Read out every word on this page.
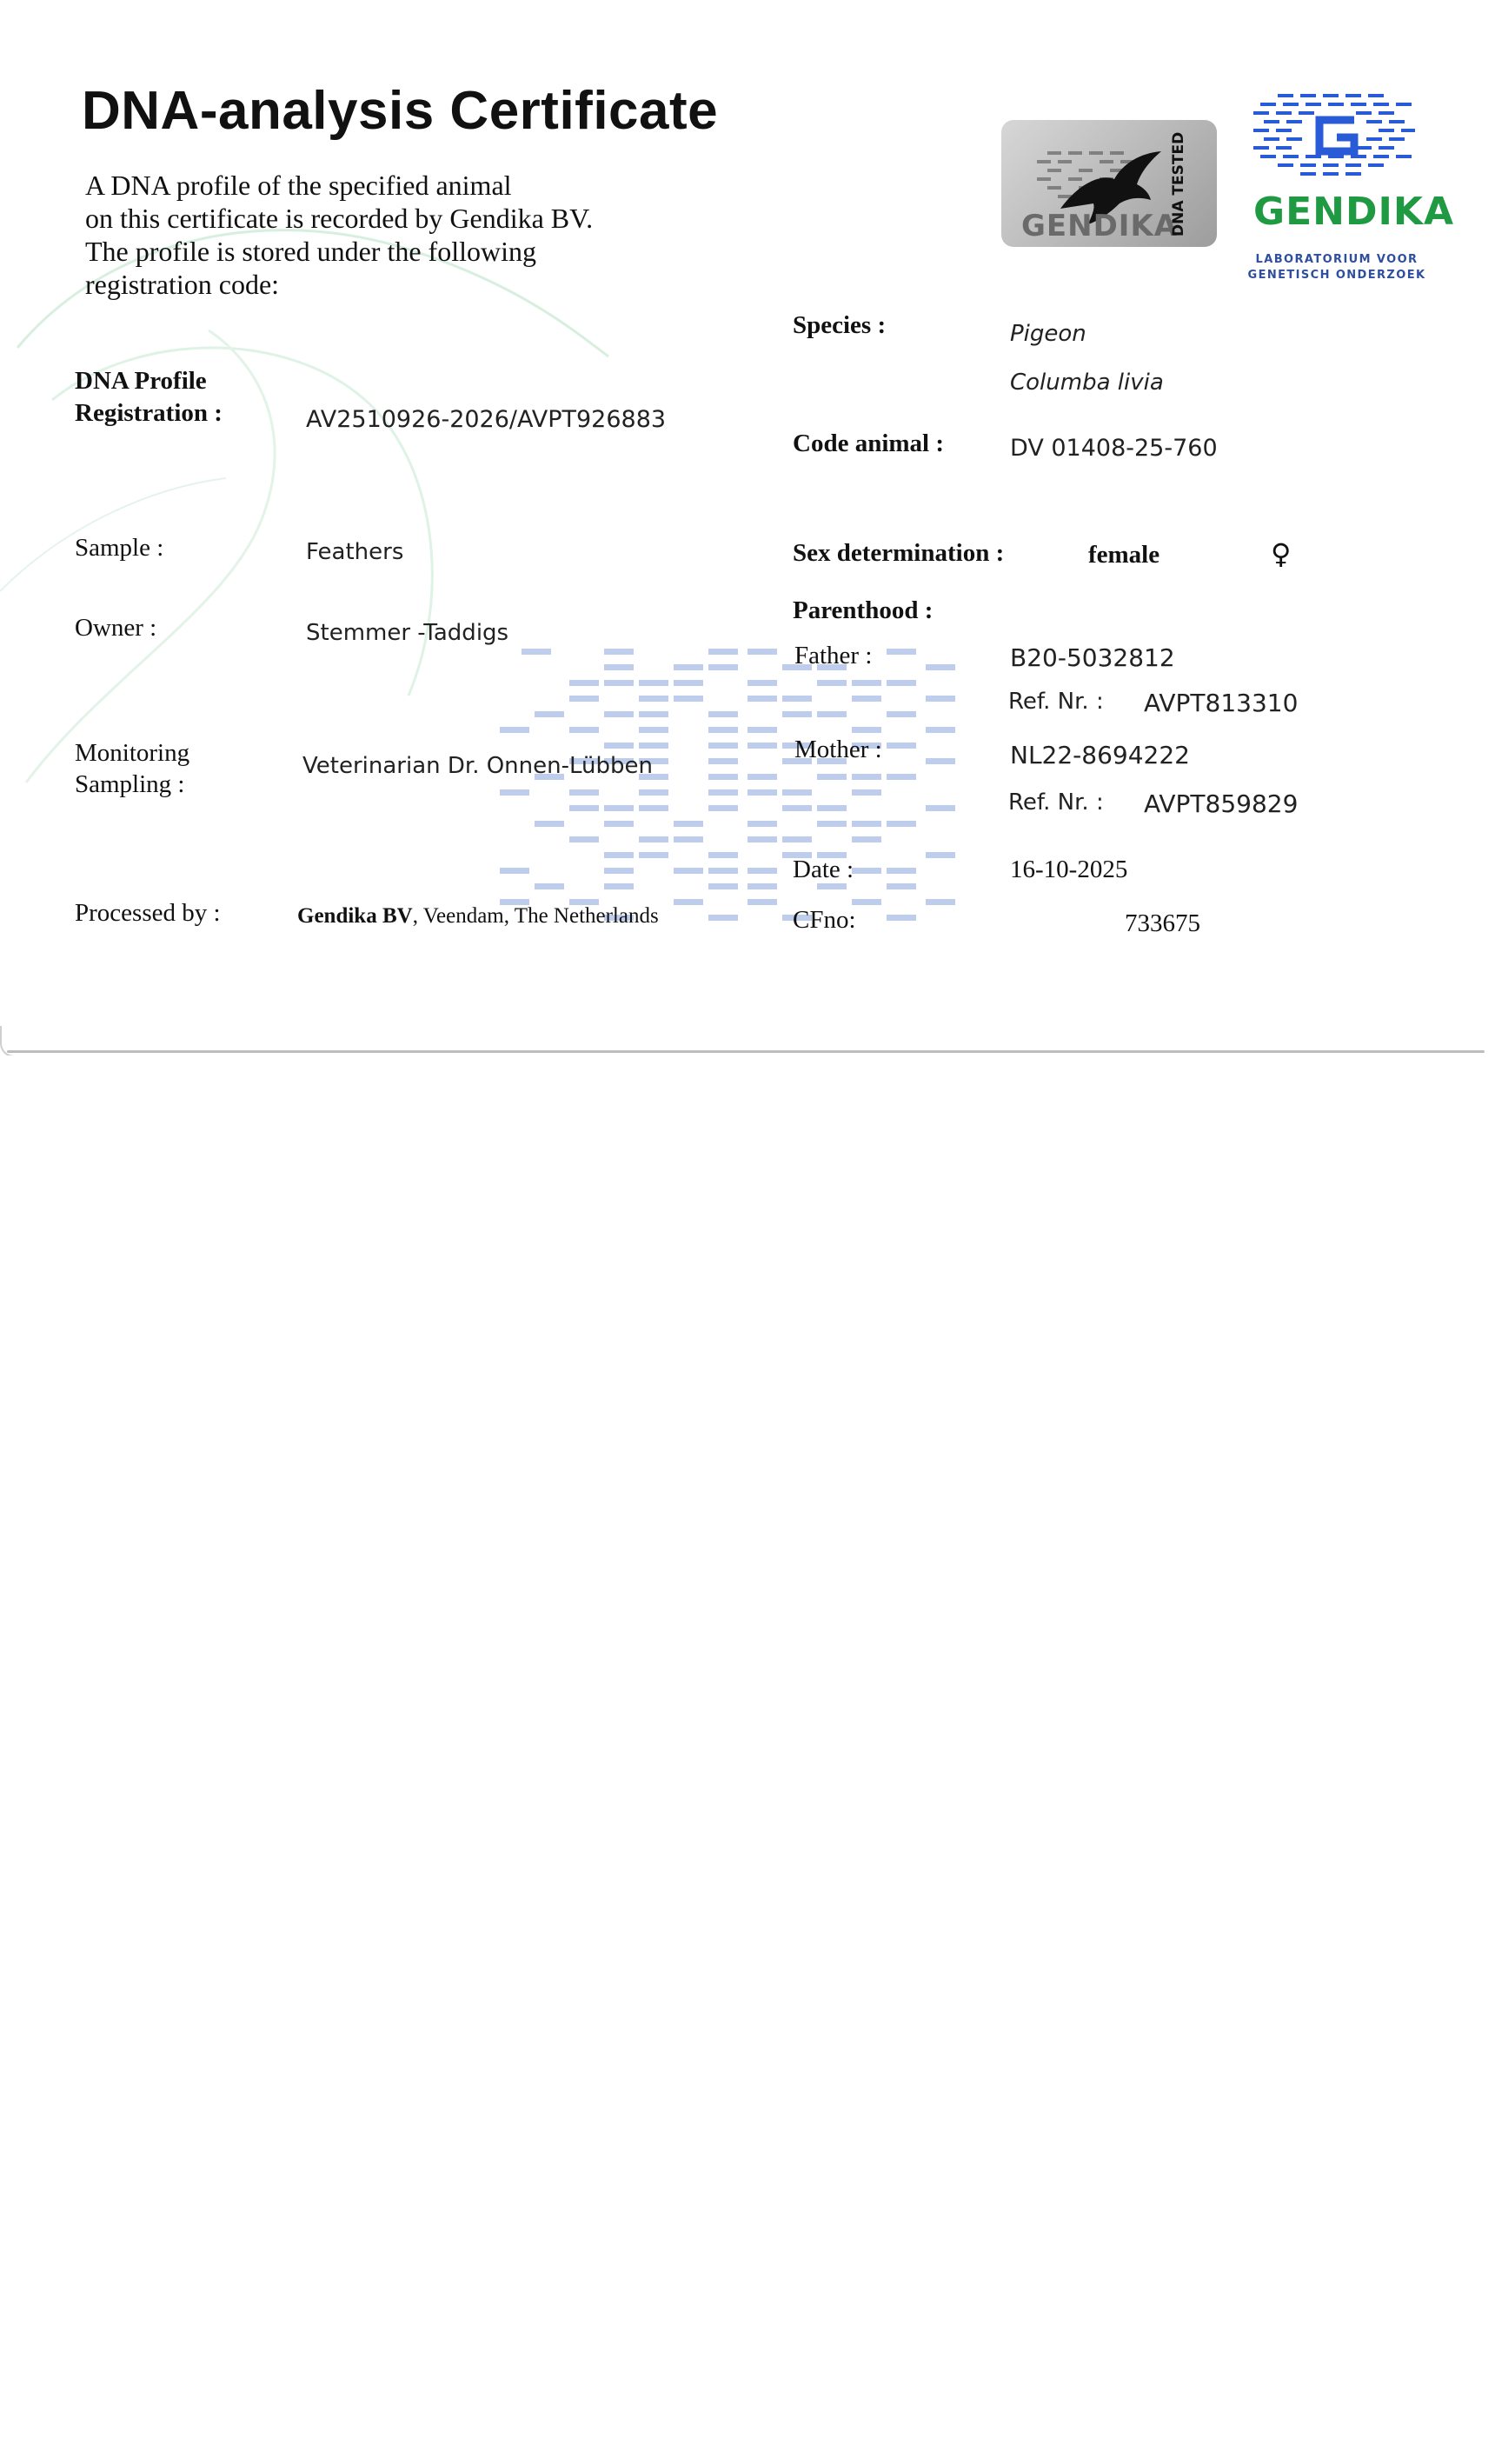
DNA-analysis Certificate
A DNA profile of the specified animal
on this certificate is recorded by Gendika BV.
The profile is stored under the following
registration code:
GENDIKA
DNA TESTED GENDIKA
LABORATORIUM VOOR
GENETISCH ONDERZOEK
DNA Profile
Registration :	AV2510926-2026/AVPT926883
Sample :	Feathers
Owner :	Stemmer -Taddigs
Monitoring
Sampling :
Veterinarian Dr. Onnen-Lübben
Processed by :	Gendika BV, Veendam, The Netherlands
Species :	Pigeon
Columba livia
Code animal :	DV 01408-25-760
Sex determination :	female	♀
Parenthood :
Father :	B20-5032812
Ref. Nr. : AVPT813310
Mother :	NL22-8694222
Ref. Nr. : AVPT859829
Date :	16-10-2025
CFno:	733675
